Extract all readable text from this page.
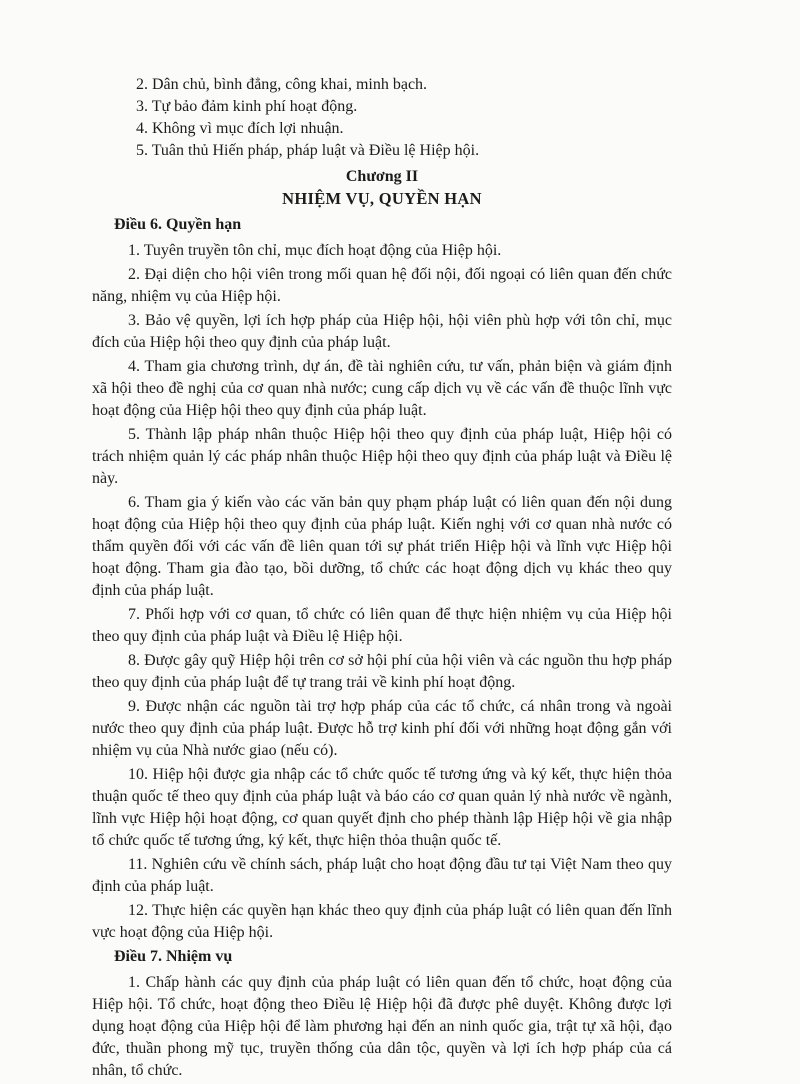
2. Dân chủ, bình đẳng, công khai, minh bạch.

3. Tự bảo đảm kinh phí hoạt động.

4. Không vì mục đích lợi nhuận.

5. Tuân thủ Hiến pháp, pháp luật và Điều lệ Hiệp hội.

Chương II

NHIỆM VỤ, QUYỀN HẠN

Điều 6. Quyền hạn

1. Tuyên truyền tôn chỉ, mục đích hoạt động của Hiệp hội.

2. Đại diện cho hội viên trong mối quan hệ đối nội, đối ngoại có liên quan đến chức năng, nhiệm vụ của Hiệp hội.

3. Bảo vệ quyền, lợi ích hợp pháp của Hiệp hội, hội viên phù hợp với tôn chỉ, mục đích của Hiệp hội theo quy định của pháp luật.

4. Tham gia chương trình, dự án, đề tài nghiên cứu, tư vấn, phản biện và giám định xã hội theo đề nghị của cơ quan nhà nước; cung cấp dịch vụ về các vấn đề thuộc lĩnh vực hoạt động của Hiệp hội theo quy định của pháp luật.

5. Thành lập pháp nhân thuộc Hiệp hội theo quy định của pháp luật, Hiệp hội có trách nhiệm quản lý các pháp nhân thuộc Hiệp hội theo quy định của pháp luật và Điều lệ này.

6. Tham gia ý kiến vào các văn bản quy phạm pháp luật có liên quan đến nội dung hoạt động của Hiệp hội theo quy định của pháp luật. Kiến nghị với cơ quan nhà nước có thẩm quyền đối với các vấn đề liên quan tới sự phát triển Hiệp hội và lĩnh vực Hiệp hội hoạt động. Tham gia đào tạo, bồi dưỡng, tổ chức các hoạt động dịch vụ khác theo quy định của pháp luật.

7. Phối hợp với cơ quan, tổ chức có liên quan để thực hiện nhiệm vụ của Hiệp hội theo quy định của pháp luật và Điều lệ Hiệp hội.

8. Được gây quỹ Hiệp hội trên cơ sở hội phí của hội viên và các nguồn thu hợp pháp theo quy định của pháp luật để tự trang trải về kinh phí hoạt động.

9. Được nhận các nguồn tài trợ hợp pháp của các tổ chức, cá nhân trong và ngoài nước theo quy định của pháp luật. Được hỗ trợ kinh phí đối với những hoạt động gắn với nhiệm vụ của Nhà nước giao (nếu có).

10. Hiệp hội được gia nhập các tổ chức quốc tế tương ứng và ký kết, thực hiện thỏa thuận quốc tế theo quy định của pháp luật và báo cáo cơ quan quản lý nhà nước về ngành, lĩnh vực Hiệp hội hoạt động, cơ quan quyết định cho phép thành lập Hiệp hội về gia nhập tổ chức quốc tế tương ứng, ký kết, thực hiện thỏa thuận quốc tế.

11. Nghiên cứu về chính sách, pháp luật cho hoạt động đầu tư tại Việt Nam theo quy định của pháp luật.

12. Thực hiện các quyền hạn khác theo quy định của pháp luật có liên quan đến lĩnh vực hoạt động của Hiệp hội.

Điều 7. Nhiệm vụ

1. Chấp hành các quy định của pháp luật có liên quan đến tổ chức, hoạt động của Hiệp hội. Tổ chức, hoạt động theo Điều lệ Hiệp hội đã được phê duyệt. Không được lợi dụng hoạt động của Hiệp hội để làm phương hại đến an ninh quốc gia, trật tự xã hội, đạo đức, thuần phong mỹ tục, truyền thống của dân tộc, quyền và lợi ích hợp pháp của cá nhân, tổ chức.
